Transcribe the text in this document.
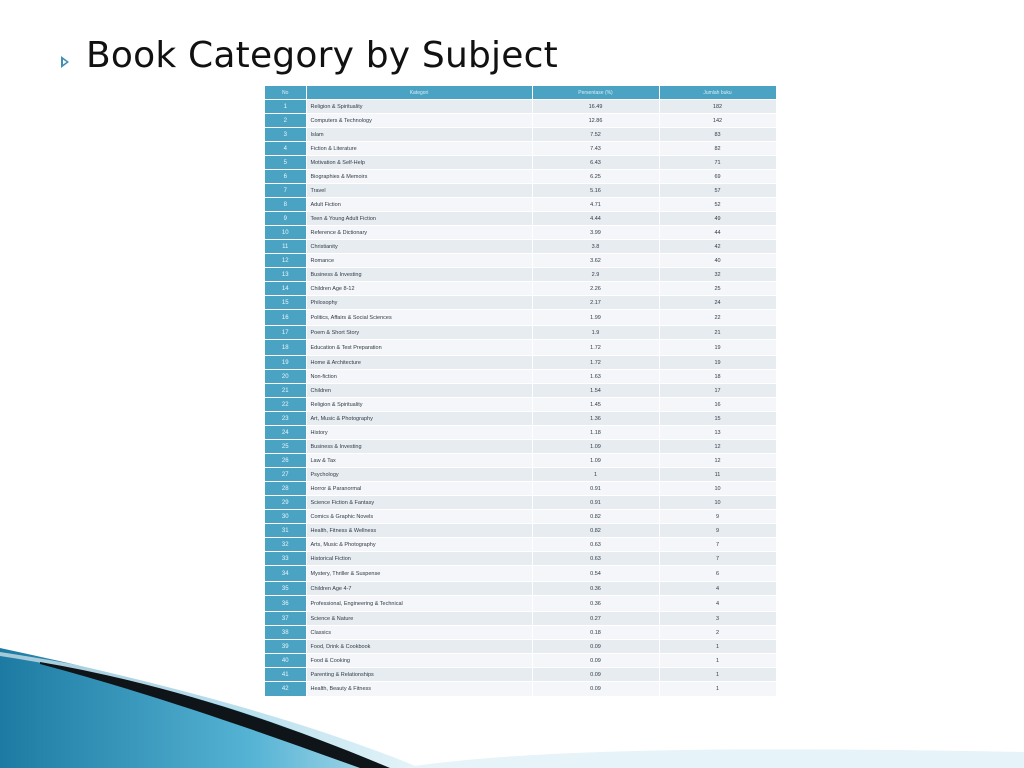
Book Category by Subject
No	Kategori	Persentase (%)	Jumlah buku
1	Religion & Spirituality	16.49	182
2	Computers & Technology	12.86	142
3	Islam	7.52	83
4	Fiction & Literature	7.43	82
5	Motivation & Self-Help	6.43	71
6	Biographies & Memoirs	6.25	69
7	Travel	5.16	57
8	Adult Fiction	4.71	52
9	Teen & Young Adult Fiction	4.44	49
10	Reference & Dictionary	3.99	44
11	Christianity	3.8	42
12	Romance	3.62	40
13	Business & Investing	2.9	32
14	Children Age 8-12	2.26	25
15	Philosophy	2.17	24
16	Politics, Affairs & Social Sciences	1.99	22
17	Poem & Short Story	1.9	21
18	Education & Test Preparation	1.72	19
19	Home & Architecture	1.72	19
20	Non-fiction	1.63	18
21	Children	1.54	17
22	Religion & Spirituality	1.45	16
23	Art, Music & Photography	1.36	15
24	History	1.18	13
25	Business & Investing	1.09	12
26	Law & Tax	1.09	12
27	Psychology	1	11
28	Horror & Paranormal	0.91	10
29	Science Fiction & Fantasy	0.91	10
30	Comics & Graphic Novels	0.82	9
31	Health, Fitness & Wellness	0.82	9
32	Arts, Music & Photography	0.63	7
33	Historical Fiction	0.63	7
34	Mystery, Thriller & Suspense	0.54	6
35	Children Age 4-7	0.36	4
36	Professional, Engineering & Technical	0.36	4
37	Science & Nature	0.27	3
38	Classics	0.18	2
39	Food, Drink & Cookbook	0.09	1
40	Food & Cooking	0.09	1
41	Parenting & Relationships	0.09	1
42	Health, Beauty & Fitness	0.09	1
